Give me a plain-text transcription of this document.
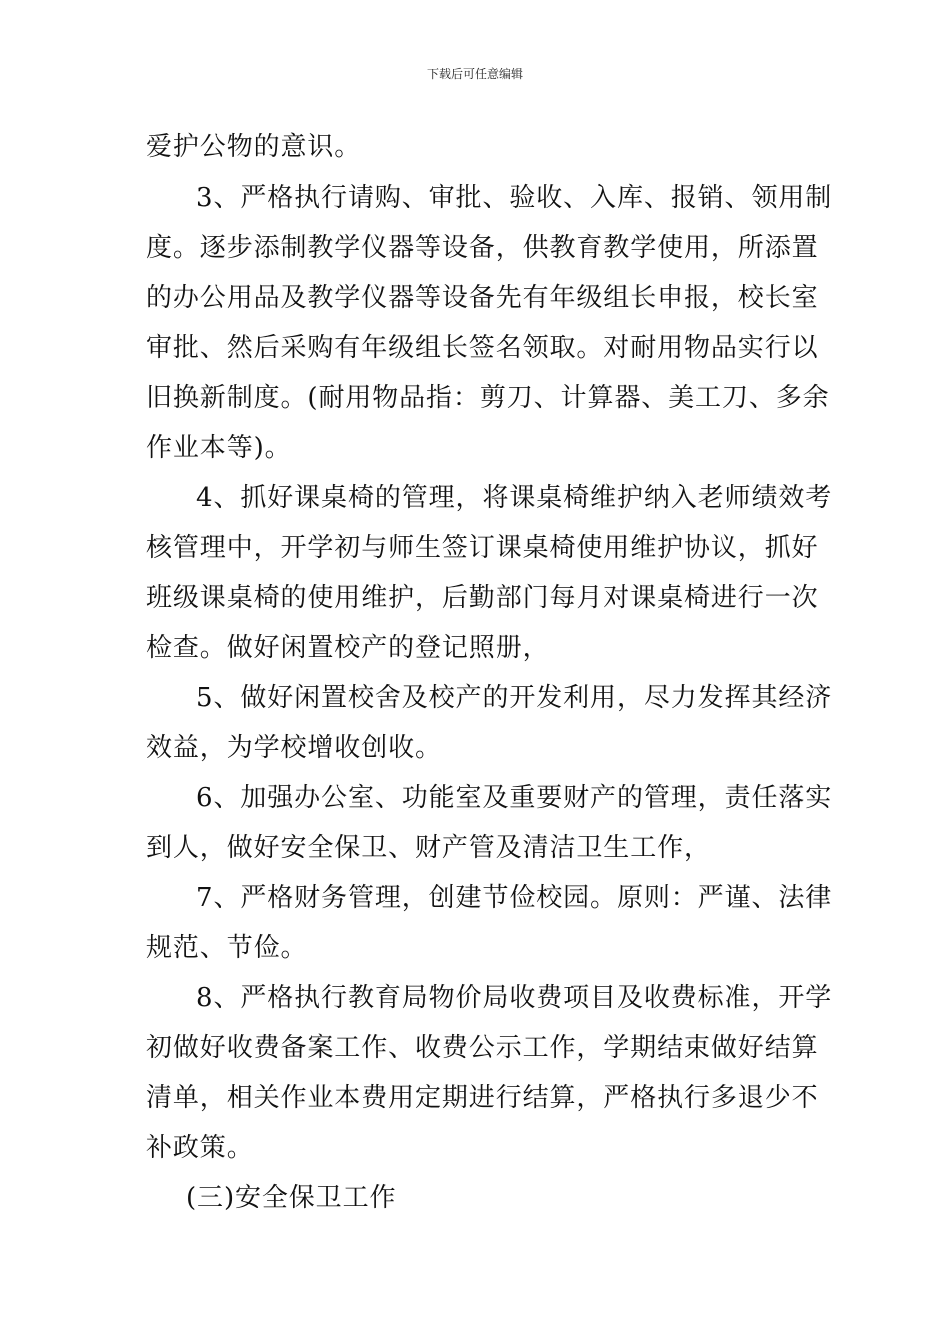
下载后可任意编辑
爱护公物的意识。
3、严格执行请购、审批、验收、入库、报销、领用制
度。逐步添制教学仪器等设备，供教育教学使用，所添置
的办公用品及教学仪器等设备先有年级组长申报，校长室
审批、然后采购有年级组长签名领取。对耐用物品实行以
旧换新制度。(耐用物品指：剪刀、计算器、美工刀、多余
作业本等)。
4、抓好课桌椅的管理，将课桌椅维护纳入老师绩效考
核管理中，开学初与师生签订课桌椅使用维护协议，抓好
班级课桌椅的使用维护，后勤部门每月对课桌椅进行一次
检查。做好闲置校产的登记照册，
5、做好闲置校舍及校产的开发利用，尽力发挥其经济
效益，为学校增收创收。
6、加强办公室、功能室及重要财产的管理，责任落实
到人，做好安全保卫、财产管及清洁卫生工作，
7、严格财务管理，创建节俭校园。原则：严谨、法律
规范、节俭。
8、严格执行教育局物价局收费项目及收费标准，开学
初做好收费备案工作、收费公示工作，学期结束做好结算
清单，相关作业本费用定期进行结算，严格执行多退少不
补政策。
(三)安全保卫工作
